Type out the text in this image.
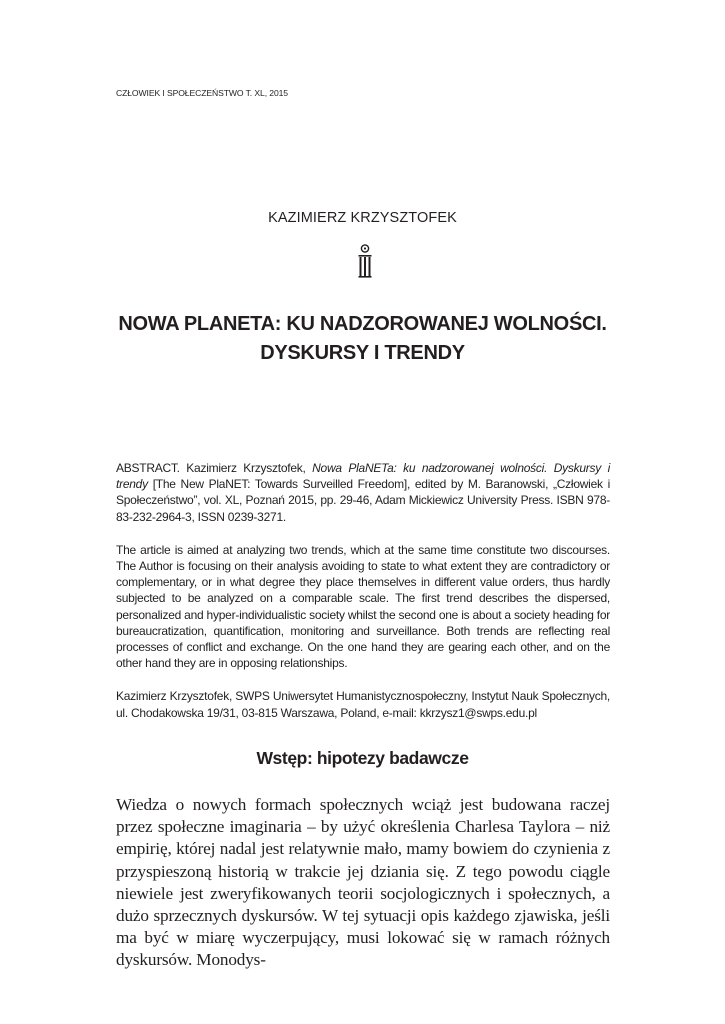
CZŁOWIEK I SPOŁECZEŃSTWO T. XL, 2015
KAZIMIERZ KRZYSZTOFEK
NOWA PLANETA: KU NADZOROWANEJ WOLNOŚCI.
DYSKURSY I TRENDY

ABSTRACT. Kazimierz Krzysztofek, Nowa PlaNETa: ku nadzorowanej wolności. Dyskursy i trendy [The New PlaNET: Towards Surveilled Freedom], edited by M. Baranowski, „Człowiek i Społeczeństwo”, vol. XL, Poznań 2015, pp. 29-46, Adam Mickiewicz University Press. ISBN 978-83-232-2964-3, ISSN 0239-3271.

The article is aimed at analyzing two trends, which at the same time constitute two discourses. The Author is focusing on their analysis avoiding to state to what extent they are contradictory or complementary, or in what degree they place themselves in different value orders, thus hardly subjected to be analyzed on a comparable scale. The first trend describes the dispersed, personalized and hyper-individualistic society whilst the second one is about a society heading for bureaucratization, quantification, monitoring and surveillance. Both trends are reflecting real processes of conflict and exchange. On the one hand they are gearing each other, and on the other hand they are in opposing relationships.

Kazimierz Krzysztofek, SWPS Uniwersytet Humanistycznospołeczny, Instytut Nauk Społecznych, ul. Chodakowska 19/31, 03-815 Warszawa, Poland, e-mail: kkrzysz1@swps.edu.pl

Wstęp: hipotezy badawcze

Wiedza o nowych formach społecznych wciąż jest budowana raczej przez społeczne imaginaria – by użyć określenia Charlesa Taylora – niż empirię, której nadal jest relatywnie mało, mamy bowiem do czynienia z przyspieszoną historią w trakcie jej dziania się. Z tego powodu ciągle niewiele jest zweryfikowanych teorii socjologicznych i społecznych, a dużo sprzecznych dyskursów. W tej sytuacji opis każdego zjawiska, jeśli ma być w miarę wyczerpujący, musi lokować się w ramach różnych dyskursów. Monodys-
